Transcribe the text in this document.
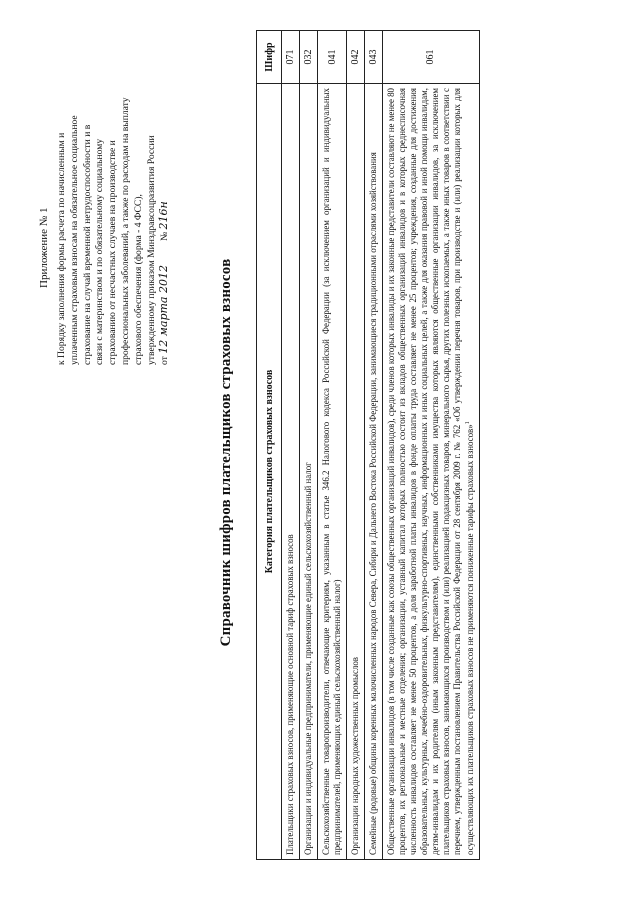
Приложение № 1 к Порядку заполнения формы расчета по начисленным и уплаченным страховым взносам на обязательное социальное страхование на случай временной нетрудоспособности и в связи с материнством и по обязательному социальному страхованию от несчастных случаев на производстве и профессиональных заболеваний, а также по расходам на выплату страхового обеспечения (форма - 4 ФСС), утвержденному приказом Минздравсоцразвития России от 12 марта 2012          № 216н

Справочник шифров плательщиков страховых взносов	Категория плательщиков страховых взносов	Шифр
Плательщики страховых взносов, применяющие основной тариф страховых взносов	071
Организации и индивидуальные предприниматели, применяющие единый сельскохозяйственный налог	032
Сельскохозяйственные товаропроизводители, отвечающие критериям, указанным в статье 346.2 Налогового кодекса Российской Федерации (за исключением организаций и индивидуальных предпринимателей, применяющих единый сельскохозяйственный налог)	041
Организации народных художественных промыслов	042
Семейные (родовые) общины коренных малочисленных народов Севера, Сибири и Дальнего Востока Российской Федерации, занимающиеся традиционными отраслями хозяйствования	043
Общественные организации инвалидов (в том числе созданные как союзы общественных организаций инвалидов), среди членов которых инвалиды и их законные представители составляют не менее 80 процентов, их региональные и местные отделения; организации, уставный капитал которых полностью состоит из вкладов общественных организаций инвалидов и в которых среднесписочная численность инвалидов составляет не менее 50 процентов, а доля заработной платы инвалидов в фонде оплаты труда составляет не менее 25 процентов; учреждения, созданные для достижения образовательных, культурных, лечебно-оздоровительных, физкультурно-спортивных, научных, информационных и иных социальных целей, а также для оказания правовой и иной помощи инвалидам, детям-инвалидам и их родителям (иным законным представителям), единственными собственниками имущества которых являются общественные организации инвалидов, за исключением плательщиков страховых взносов, занимающихся производством и (или) реализацией подакцизных товаров, минерального сырья, других полезных ископаемых, а также иных товаров в соответствии с перечнем, утвержденным постановлением Правительства Российской Федерации от 28 сентября 2009 г. № 762 «Об утверждении перечня товаров, при производстве и (или) реализации которых для осуществляющих их плательщиков страховых взносов не применяются пониженные тарифы страховых взносов»$^1$	061
